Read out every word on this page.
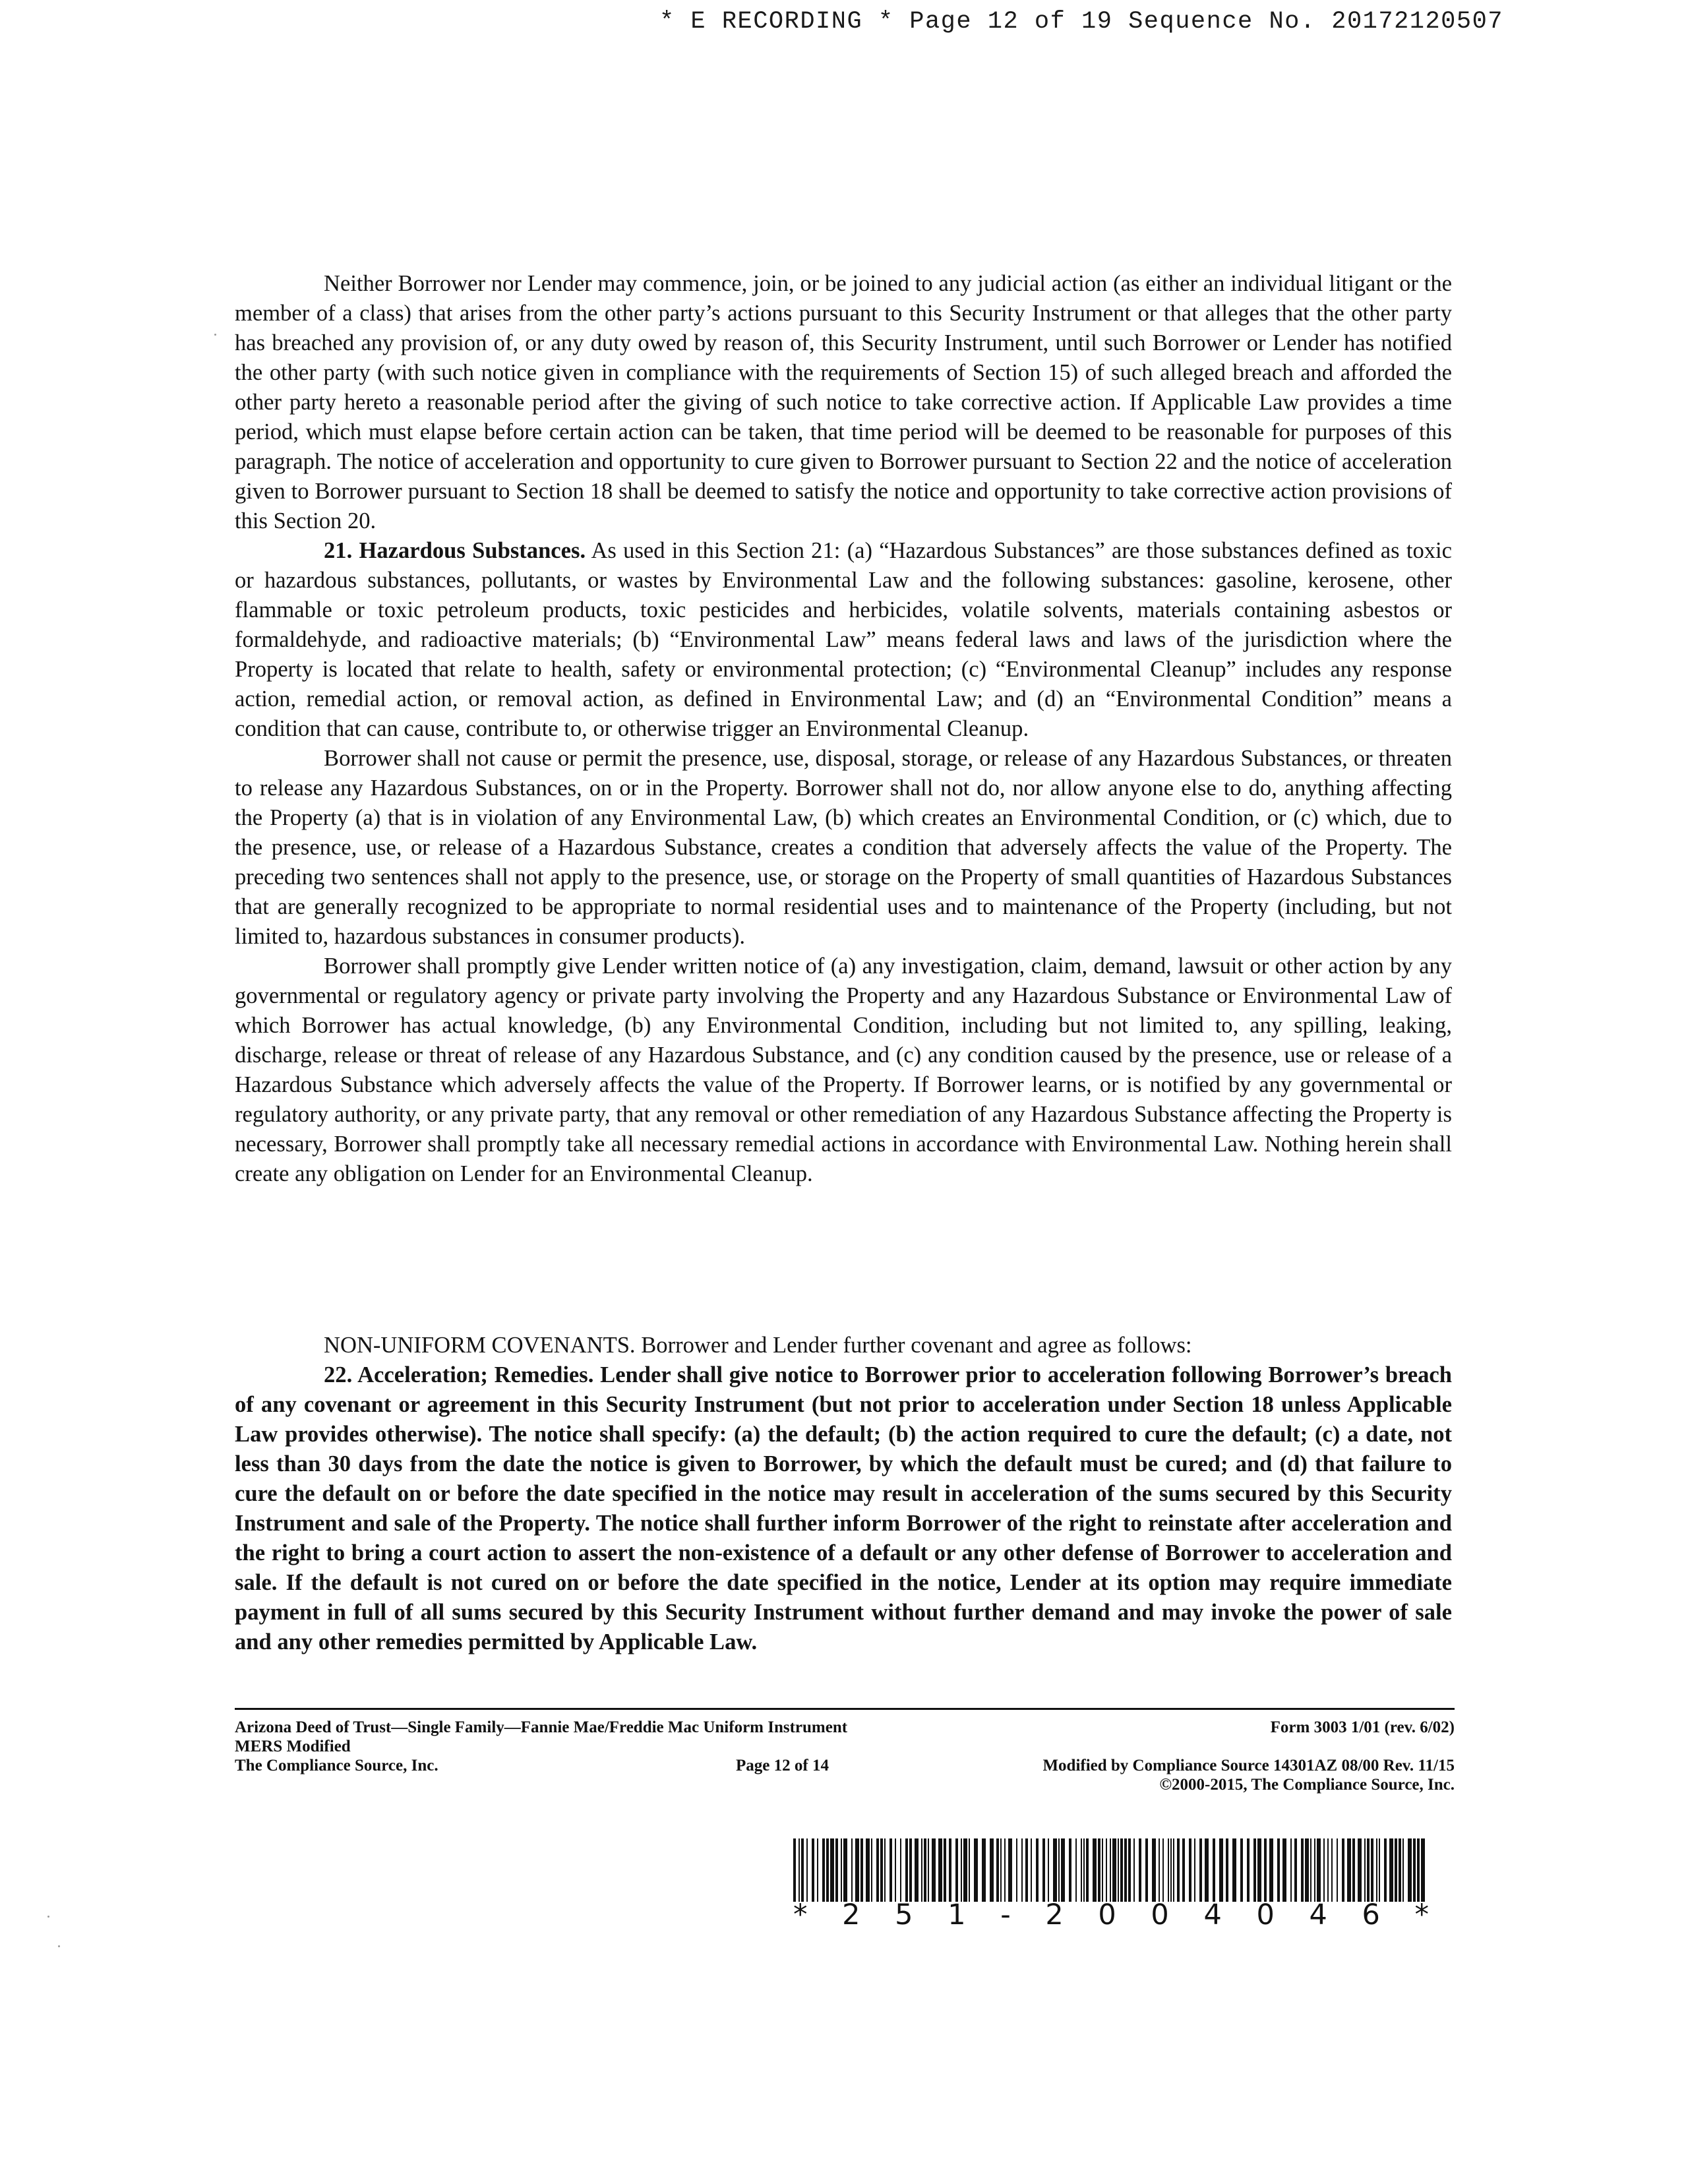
* E RECORDING * Page 12 of 19 Sequence No. 20172120507

Neither Borrower nor Lender may commence, join, or be joined to any judicial action (as either an individual litigant or the member of a class) that arises from the other party’s actions pursuant to this Security Instrument or that alleges that the other party has breached any provision of, or any duty owed by reason of, this Security Instrument, until such Borrower or Lender has notified the other party (with such notice given in compliance with the requirements of Section 15) of such alleged breach and afforded the other party hereto a reasonable period after the giving of such notice to take corrective action. If Applicable Law provides a time period, which must elapse before certain action can be taken, that time period will be deemed to be reasonable for purposes of this paragraph. The notice of acceleration and opportunity to cure given to Borrower pursuant to Section 22 and the notice of acceleration given to Borrower pursuant to Section 18 shall be deemed to satisfy the notice and opportunity to take corrective action provisions of this Section 20.

21. Hazardous Substances. As used in this Section 21: (a) “Hazardous Substances” are those substances defined as toxic or hazardous substances, pollutants, or wastes by Environmental Law and the following substances: gasoline, kerosene, other flammable or toxic petroleum products, toxic pesticides and herbicides, volatile solvents, materials containing asbestos or formaldehyde, and radioactive materials; (b) “Environmental Law” means federal laws and laws of the jurisdiction where the Property is located that relate to health, safety or environmental protection; (c) “Environmental Cleanup” includes any response action, remedial action, or removal action, as defined in Environmental Law; and (d) an “Environmental Condition” means a condition that can cause, contribute to, or otherwise trigger an Environmental Cleanup.

Borrower shall not cause or permit the presence, use, disposal, storage, or release of any Hazardous Substances, or threaten to release any Hazardous Substances, on or in the Property. Borrower shall not do, nor allow anyone else to do, anything affecting the Property (a) that is in violation of any Environmental Law, (b) which creates an Environmental Condition, or (c) which, due to the presence, use, or release of a Hazardous Substance, creates a condition that adversely affects the value of the Property. The preceding two sentences shall not apply to the presence, use, or storage on the Property of small quantities of Hazardous Substances that are generally recognized to be appropriate to normal residential uses and to maintenance of the Property (including, but not limited to, hazardous substances in consumer products).

Borrower shall promptly give Lender written notice of (a) any investigation, claim, demand, lawsuit or other action by any governmental or regulatory agency or private party involving the Property and any Hazardous Substance or Environmental Law of which Borrower has actual knowledge, (b) any Environmental Condition, including but not limited to, any spilling, leaking, discharge, release or threat of release of any Hazardous Substance, and (c) any condition caused by the presence, use or release of a Hazardous Substance which adversely affects the value of the Property. If Borrower learns, or is notified by any governmental or regulatory authority, or any private party, that any removal or other remediation of any Hazardous Substance affecting the Property is necessary, Borrower shall promptly take all necessary remedial actions in accordance with Environmental Law. Nothing herein shall create any obligation on Lender for an Environmental Cleanup.

NON-UNIFORM COVENANTS. Borrower and Lender further covenant and agree as follows:

22. Acceleration; Remedies. Lender shall give notice to Borrower prior to acceleration following Borrower’s breach of any covenant or agreement in this Security Instrument (but not prior to acceleration under Section 18 unless Applicable Law provides otherwise). The notice shall specify: (a) the default; (b) the action required to cure the default; (c) a date, not less than 30 days from the date the notice is given to Borrower, by which the default must be cured; and (d) that failure to cure the default on or before the date specified in the notice may result in acceleration of the sums secured by this Security Instrument and sale of the Property. The notice shall further inform Borrower of the right to reinstate after acceleration and the right to bring a court action to assert the non-existence of a default or any other defense of Borrower to acceleration and sale. If the default is not cured on or before the date specified in the notice, Lender at its option may require immediate payment in full of all sums secured by this Security Instrument without further demand and may invoke the power of sale and any other remedies permitted by Applicable Law.

Arizona Deed of Trust—Single Family—Fannie Mae/Freddie Mac Uniform Instrument	Form 3003 1/01 (rev. 6/02)
MERS Modified
The Compliance Source, Inc.	Page 12 of 14	Modified by Compliance Source 14301AZ 08/00 Rev. 11/15
©2000-2015, The Compliance Source, Inc.
* 2 5 1 - 2 0 0 4 0 4 6 *
